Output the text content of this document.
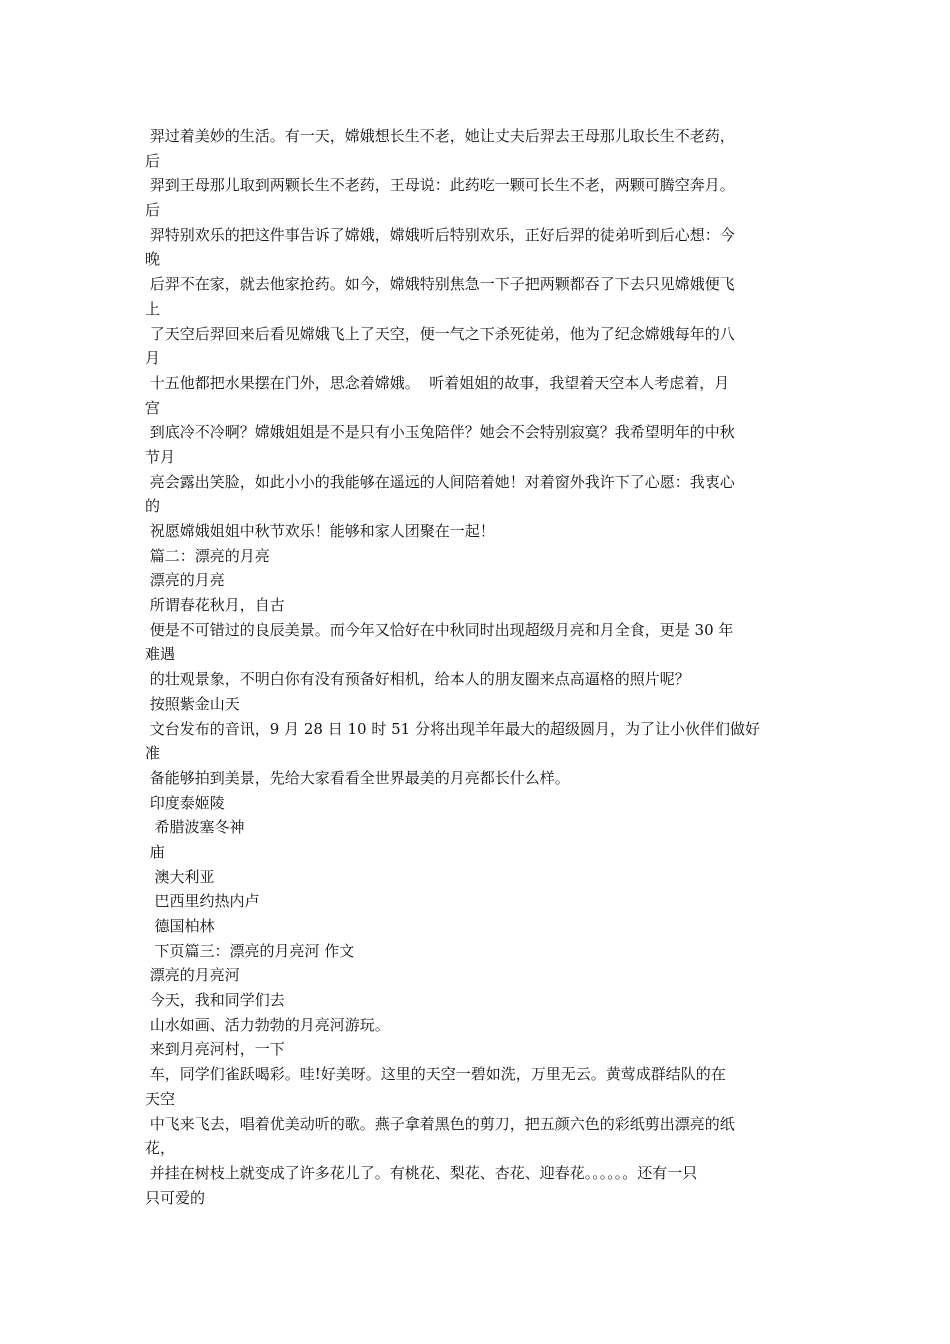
羿过着美妙的生活。有一天，嫦娥想长生不老，她让丈夫后羿去王母那儿取长生不老药，
后
羿到王母那儿取到两颗长生不老药，王母说：此药吃一颗可长生不老，两颗可腾空奔月。
后
羿特别欢乐的把这件事告诉了嫦娥，嫦娥听后特别欢乐，正好后羿的徒弟听到后心想：今
晚
后羿不在家，就去他家抢药。如今，嫦娥特别焦急一下子把两颗都吞了下去只见嫦娥便飞
上
了天空后羿回来后看见嫦娥飞上了天空，便一气之下杀死徒弟，他为了纪念嫦娥每年的八
月
十五他都把水果摆在门外，思念着嫦娥。  听着姐姐的故事，我望着天空本人考虑着，月
宫
到底冷不冷啊？嫦娥姐姐是不是只有小玉兔陪伴？她会不会特别寂寞？我希望明年的中秋
节月
亮会露出笑脸，如此小小的我能够在遥远的人间陪着她！对着窗外我许下了心愿：我衷心
的
祝愿嫦娥姐姐中秋节欢乐！能够和家人团聚在一起！
篇二：漂亮的月亮
漂亮的月亮
所谓春花秋月，自古
便是不可错过的良辰美景。而今年又恰好在中秋同时出现超级月亮和月全食，更是 30 年
难遇
的壮观景象，不明白你有没有预备好相机，给本人的朋友圈来点高逼格的照片呢？
按照紫金山天
文台发布的音讯，9 月 28 日 10 时 51 分将出现羊年最大的超级圆月，为了让小伙伴们做好
准
备能够拍到美景，先给大家看看全世界最美的月亮都长什么样。
印度泰姬陵
希腊波塞冬神
庙
澳大利亚
巴西里约热内卢
德国柏林
下页篇三：漂亮的月亮河 作文
漂亮的月亮河
今天，我和同学们去
山水如画、活力勃勃的月亮河游玩。
来到月亮河村，一下
车，同学们雀跃喝彩。哇!好美呀。这里的天空一碧如洗，万里无云。黄莺成群结队的在
天空
中飞来飞去，唱着优美动听的歌。燕子拿着黑色的剪刀，把五颜六色的彩纸剪出漂亮的纸
花，
并挂在树枝上就变成了许多花儿了。有桃花、梨花、杏花、迎春花。。。。。。还有一只
只可爱的
